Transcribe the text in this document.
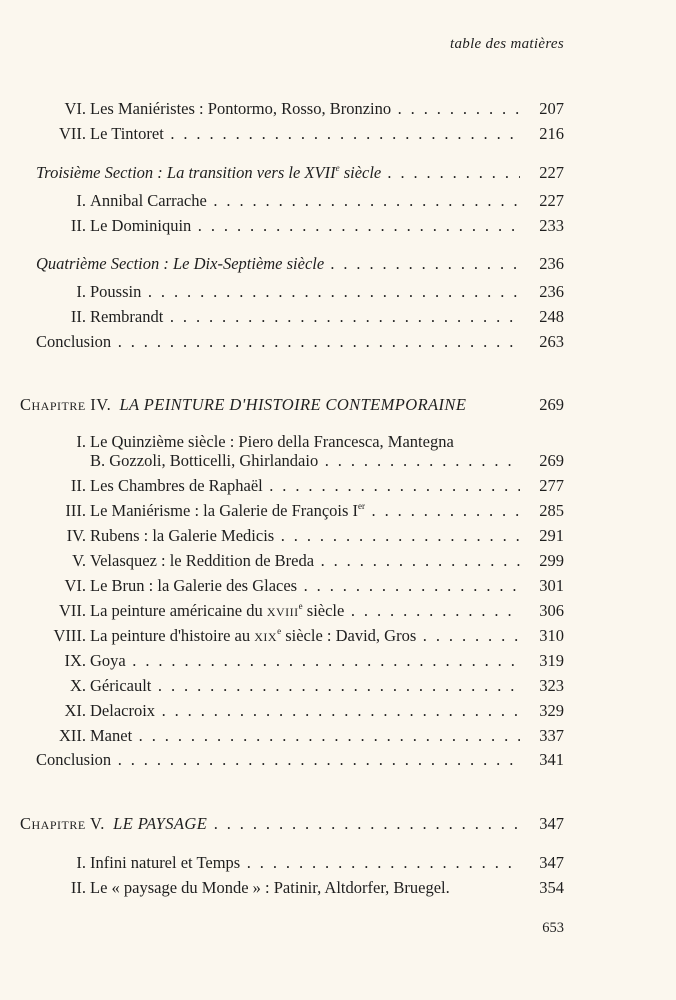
table des matières
VI. Les Maniéristes : Pontormo, Rosso, Bronzino . . .	207
VII. Le Tintoret . . .	216
Troisième Section : La transition vers le XVIIe siècle . . .	227
I. Annibal Carrache . . .	227
II. Le Dominiquin . . .	233
Quatrième Section : Le Dix-Septième siècle . . .	236
I. Poussin . . .	236
II. Rembrandt . . .	248
Conclusion . . .	263
Chapitre IV. LA PEINTURE D'HISTOIRE CONTEMPORAINE	269
I. Le Quinzième siècle : Piero della Francesca, Mantegna
B. Gozzoli, Botticelli, Ghirlandaio . . .	269
II. Les Chambres de Raphaël . . .	277
III. Le Maniérisme : la Galerie de François Ier . . .	285
IV. Rubens : la Galerie Medicis . . .	291
V. Velasquez : le Reddition de Breda . . .	299
VI. Le Brun : la Galerie des Glaces . . .	301
VII. La peinture américaine du xviii$^e$ siècle . . .	306
VIII. La peinture d'histoire au xix$^e$ siècle : David, Gros . . .	310
IX. Goya . . .	319
X. Géricault . . .	323
XI. Delacroix . . .	329
XII. Manet . . .	337
Conclusion . . .	341
Chapitre V. LE PAYSAGE . . .	347
I. Infini naturel et Temps . . .	347
II. Le « paysage du Monde » : Patinir, Altdorfer, Bruegel.	354
653
